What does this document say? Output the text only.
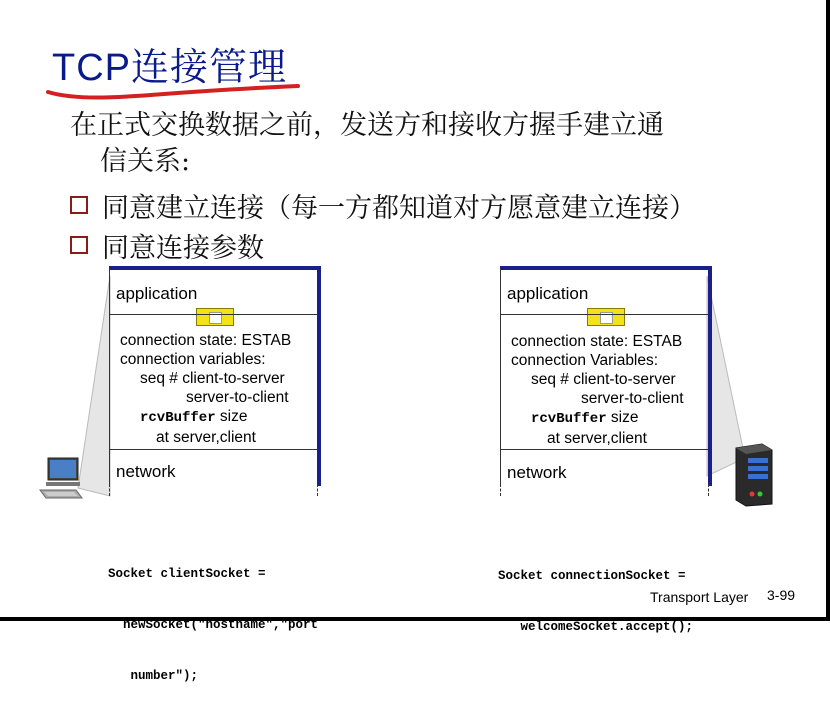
TCP连接管理
在正式交换数据之前，发送方和接收方握手建立通
信关系:
同意建立连接（每一方都知道对方愿意建立连接）
同意连接参数
application
connection state: ESTAB
connection variables:
seq # client-to-server
server-to-client
rcvBuffer size
at server,client
network

Socket clientSocket =

newSocket("hostname","port

number");

application
connection state: ESTAB
connection Variables:
seq # client-to-server
server-to-client
rcvBuffer size
at server,client
network

Socket connectionSocket =

welcomeSocket.accept();

Transport Layer 3-99
